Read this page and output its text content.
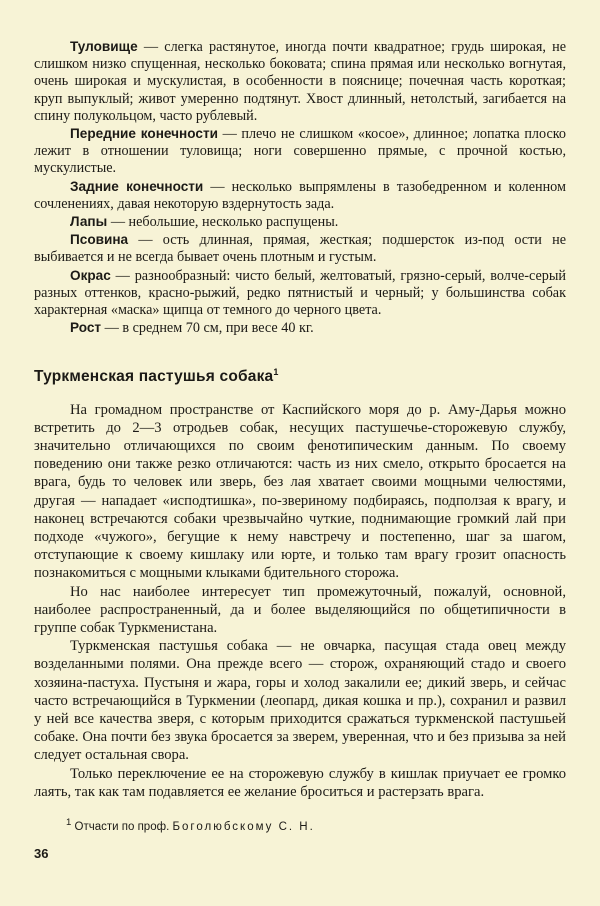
Туловище — слегка растянутое, иногда почти квадратное; грудь широкая, не слишком низко спущенная, несколько боковата; спина прямая или несколько вогнутая, очень широкая и мускулистая, в особенности в пояснице; почечная часть короткая; круп выпуклый; живот умеренно подтянут. Хвост длинный, нетолстый, загибается на спину полукольцом, часто рублевый.

Передние конечности — плечо не слишком «косое», длинное; лопатка плоско лежит в отношении туловища; ноги совершенно прямые, с прочной костью, мускулистые.

Задние конечности — несколько выпрямлены в тазобедренном и коленном сочленениях, давая некоторую вздернутость зада.

Лапы — небольшие, несколько распущены.

Псовина — ость длинная, прямая, жесткая; подшерсток из-под ости не выбивается и не всегда бывает очень плотным и густым.

Окрас — разнообразный: чисто белый, желтоватый, грязно-серый, волче-серый разных оттенков, красно-рыжий, редко пятнистый и черный; у большинства собак характерная «маска» щипца от темного до черного цвета.

Рост — в среднем 70 см, при весе 40 кг.

Туркменская пастушья собака$^1$

На громадном пространстве от Каспийского моря до р. Аму-Дарья можно встретить до 2—3 отродьев собак, несущих пастушечье-сторожевую службу, значительно отличающихся по своим фенотипическим данным. По своему поведению они также резко отличаются: часть из них смело, открыто бросается на врага, будь то человек или зверь, без лая хватает своими мощными челюстями, другая — нападает «исподтишка», по-звериному подбираясь, подползая к врагу, и наконец встречаются собаки чрезвычайно чуткие, поднимающие громкий лай при подходе «чужого», бегущие к нему навстречу и постепенно, шаг за шагом, отступающие к своему кишлаку или юрте, и только там врагу грозит опасность познакомиться с мощными клыками бдительного сторожа.

Но нас наиболее интересует тип промежуточный, пожалуй, основной, наиболее распространенный, да и более выделяющийся по общетипичности в группе собак Туркменистана.

Туркменская пастушья собака — не овчарка, пасущая стада овец между возделанными полями. Она прежде всего — сторож, охраняющий стадо и своего хозяина-пастуха. Пустыня и жара, горы и холод закалили ее; дикий зверь, и сейчас часто встречающийся в Туркмении (леопард, дикая кошка и пр.), сохранил и развил у ней все качества зверя, с которым приходится сражаться туркменской пастушьей собаке. Она почти без звука бросается за зверем, уверенная, что и без призыва за ней следует остальная свора.

Только переключение ее на сторожевую службу в кишлак приучает ее громко лаять, так как там подавляется ее желание броситься и растерзать врага.

$^1$ Отчасти по проф. Боголюбскому С. Н.
36
